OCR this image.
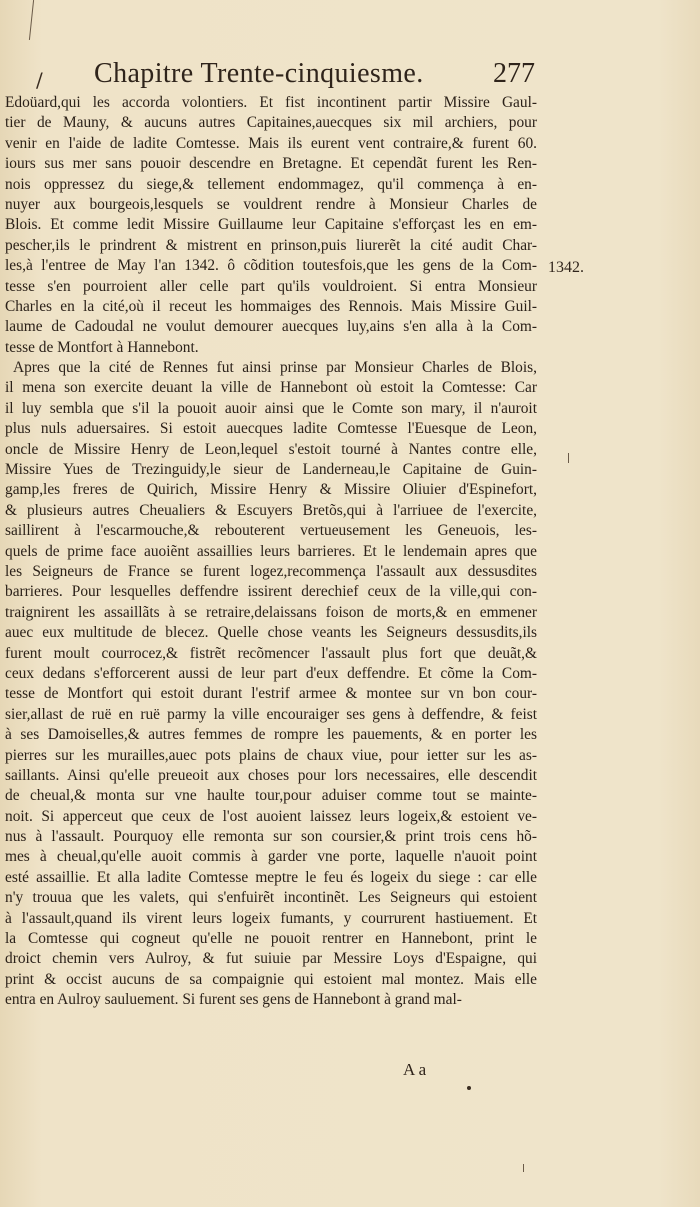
/ Chapitre Trente-cinquiesme. 277
Edoüard,qui les accorda volontiers. Et fist incontinent partir Missire Gaul-
tier de Mauny, & aucuns autres Capitaines,auecques six mil archiers, pour
venir en l'aide de ladite Comtesse. Mais ils eurent vent contraire,& furent 60.
iours sus mer sans pouoir descendre en Bretagne. Et cependãt furent les Ren-
nois oppressez du siege,& tellement endommagez, qu'il commença à en-
nuyer aux bourgeois,lesquels se vouldrent rendre à Monsieur Charles de
Blois. Et comme ledit Missire Guillaume leur Capitaine s'efforçast les en em-
pescher,ils le prindrent & mistrent en prinson,puis liurerẽt la cité audit Char-
les,à l'entree de May l'an 1342. ô cõdition toutesfois,que les gens de la Com-
tesse s'en pourroient aller celle part qu'ils vouldroient. Si entra Monsieur
Charles en la cité,où il receut les hommaiges des Rennois. Mais Missire Guil-
laume de Cadoudal ne voulut demourer auecques luy,ains s'en alla à la Com-
tesse de Montfort à Hannebont.
Apres que la cité de Rennes fut ainsi prinse par Monsieur Charles de Blois,
il mena son exercite deuant la ville de Hannebont où estoit la Comtesse: Car
il luy sembla que s'il la pouoit auoir ainsi que le Comte son mary, il n'auroit
plus nuls aduersaires. Si estoit auecques ladite Comtesse l'Euesque de Leon,
oncle de Missire Henry de Leon,lequel s'estoit tourné à Nantes contre elle,
Missire Yues de Trezinguidy,le sieur de Landerneau,le Capitaine de Guin-
gamp,les freres de Quirich, Missire Henry & Missire Oliuier d'Espinefort,
& plusieurs autres Cheualiers & Escuyers Bretõs,qui à l'arriuee de l'exercite,
saillirent à l'escarmouche,& rebouterent vertueusement les Geneuois, les-
quels de prime face auoiẽnt assaillies leurs barrieres. Et le lendemain apres que
les Seigneurs de France se furent logez,recommença l'assault aux dessusdites
barrieres. Pour lesquelles deffendre issirent derechief ceux de la ville,qui con-
traignirent les assaillãts à se retraire,delaissans foison de morts,& en emmener
auec eux multitude de blecez. Quelle chose veants les Seigneurs dessusdits,ils
furent moult courrocez,& fistrẽt recõmencer l'assault plus fort que deuãt,&
ceux dedans s'efforcerent aussi de leur part d'eux deffendre. Et cõme la Com-
tesse de Montfort qui estoit durant l'estrif armee & montee sur vn bon cour-
sier,allast de ruë en ruë parmy la ville encouraiger ses gens à deffendre, & feist
à ses Damoiselles,& autres femmes de rompre les pauements, & en porter les
pierres sur les murailles,auec pots plains de chaux viue, pour ietter sur les as-
saillants. Ainsi qu'elle preueoit aux choses pour lors necessaires, elle descendit
de cheual,& monta sur vne haulte tour,pour aduiser comme tout se mainte-
noit. Si apperceut que ceux de l'ost auoient laissez leurs logeix,& estoient ve-
nus à l'assault. Pourquoy elle remonta sur son coursier,& print trois cens hõ-
mes à cheual,qu'elle auoit commis à garder vne porte, laquelle n'auoit point
esté assaillie. Et alla ladite Comtesse meptre le feu és logeix du siege : car elle
n'y trouua que les valets, qui s'enfuirẽt incontinẽt. Les Seigneurs qui estoient
à l'assault,quand ils virent leurs logeix fumants, y courrurent hastiuement. Et
la Comtesse qui cogneut qu'elle ne pouoit rentrer en Hannebont, print le
droict chemin vers Aulroy, & fut suiuie par Messire Loys d'Espaigne, qui
print & occist aucuns de sa compaignie qui estoient mal montez. Mais elle
entra en Aulroy sauluement. Si furent ses gens de Hannebont à grand mal-
1342.
A a
